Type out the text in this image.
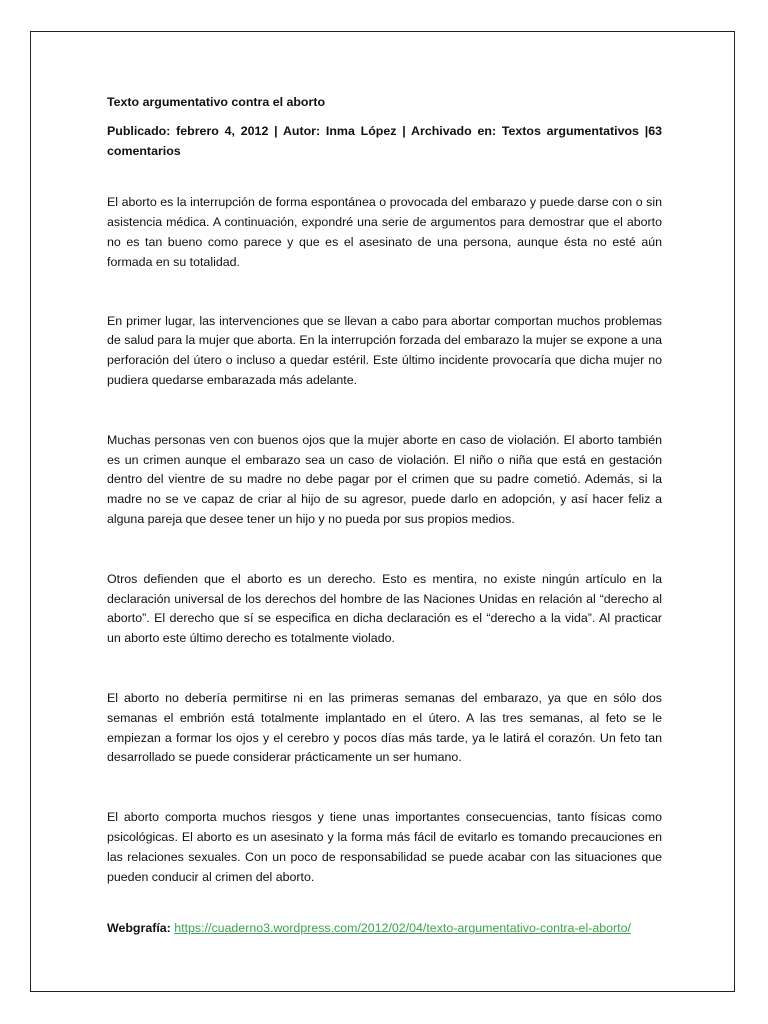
Texto argumentativo contra el aborto

Publicado: febrero 4, 2012 | Autor: Inma López | Archivado en: Textos argumentativos |63 comentarios

El aborto es la interrupción de forma espontánea o provocada del embarazo y puede darse con o sin asistencia médica. A continuación, expondré una serie de argumentos para demostrar que el aborto no es tan bueno como parece y que es el asesinato de una persona, aunque ésta no esté aún formada en su totalidad.

En primer lugar, las intervenciones que se llevan a cabo para abortar comportan muchos problemas de salud para la mujer que aborta. En la interrupción forzada del embarazo la mujer se expone a una perforación del útero o incluso a quedar estéril. Este último incidente provocaría que dicha mujer no pudiera quedarse embarazada más adelante.

Muchas personas ven con buenos ojos que la mujer aborte en caso de violación. El aborto también es un crimen aunque el embarazo sea un caso de violación. El niño o niña que está en gestación dentro del vientre de su madre no debe pagar por el crimen que su padre cometió. Además, si la madre no se ve capaz de criar al hijo de su agresor, puede darlo en adopción, y así hacer feliz a alguna pareja que desee tener un hijo y no pueda por sus propios medios.

Otros defienden que el aborto es un derecho. Esto es mentira, no existe ningún artículo en la declaración universal de los derechos del hombre de las Naciones Unidas en relación al “derecho al aborto”. El derecho que sí se especifica en dicha declaración es el “derecho a la vida”. Al practicar un aborto este último derecho es totalmente violado.

El aborto no debería permitirse ni en las primeras semanas del embarazo, ya que en sólo dos semanas el embrión está totalmente implantado en el útero. A las tres semanas, al feto se le empiezan a formar los ojos y el cerebro y pocos días más tarde, ya le latirá el corazón. Un feto tan desarrollado se puede considerar prácticamente un ser humano.

El aborto comporta muchos riesgos y tiene unas importantes consecuencias, tanto físicas como psicológicas. El aborto es un asesinato y la forma más fácil de evitarlo es tomando precauciones en las relaciones sexuales. Con un poco de responsabilidad se puede acabar con las situaciones que pueden conducir al crimen del aborto.

Webgrafía: https://cuaderno3.wordpress.com/2012/02/04/texto-argumentativo-contra-el-aborto/
